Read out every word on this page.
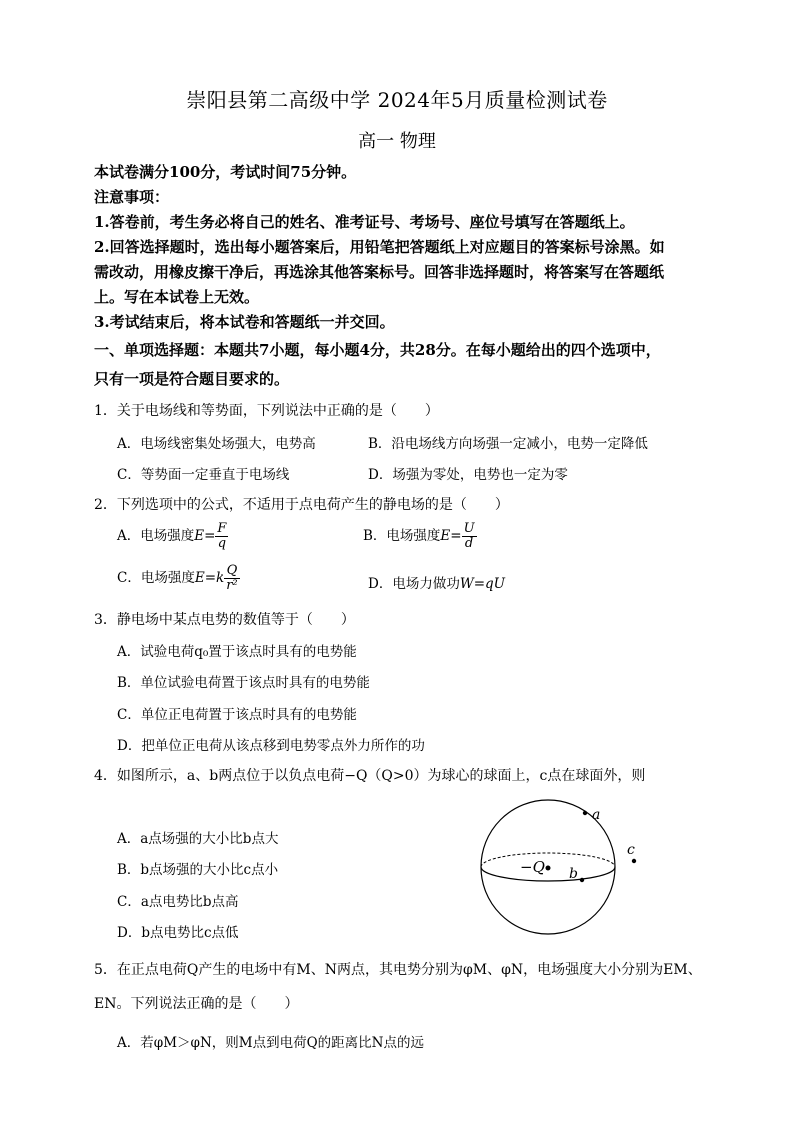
崇阳县第二高级中学 2024年5月质量检测试卷
高一 物理
本试卷满分100分，考试时间75分钟。
注意事项：
1.答卷前，考生务必将自己的姓名、准考证号、考场号、座位号填写在答题纸上。
2.回答选择题时，选出每小题答案后，用铅笔把答题纸上对应题目的答案标号涂黑。如
需改动，用橡皮擦干净后，再选涂其他答案标号。回答非选择题时，将答案写在答题纸
上。写在本试卷上无效。
3.考试结束后，将本试卷和答题纸一并交回。
一、单项选择题：本题共7小题，每小题4分，共28分。在每小题给出的四个选项中，
只有一项是符合题目要求的。
1．关于电场线和等势面，下列说法中正确的是（　　）
A．电场线密集处场强大，电势高	B．沿电场线方向场强一定减小，电势一定降低
C．等势面一定垂直于电场线	D．场强为零处，电势也一定为零
2．下列选项中的公式，不适用于点电荷产生的静电场的是（　　）
A．电场强度$E= \frac{F}{q}$	B．电场强度$E= \frac{U}{d}$
C．电场强度$E=k \frac{Q}{\text{r²}}$	D．电场力做功W=qU
3．静电场中某点电势的数值等于（　　）
A．试验电荷q₀置于该点时具有的电势能
B．单位试验电荷置于该点时具有的电势能
C．单位正电荷置于该点时具有的电势能
D．把单位正电荷从该点移到电势零点外力所作的功
4．如图所示，a、b两点位于以负点电荷−Q（Q>0）为球心的球面上，c点在球面外，则
A．a点场强的大小比b点大
B．b点场强的大小比c点小
C．a点电势比b点高
D．b点电势比c点低
a
b
c
−Q
5．在正点电荷Q产生的电场中有M、N两点，其电势分别为φM、φN，电场强度大小分别为EM、
EN。下列说法正确的是（　　）
A．若φM＞φN，则M点到电荷Q的距离比N点的远
